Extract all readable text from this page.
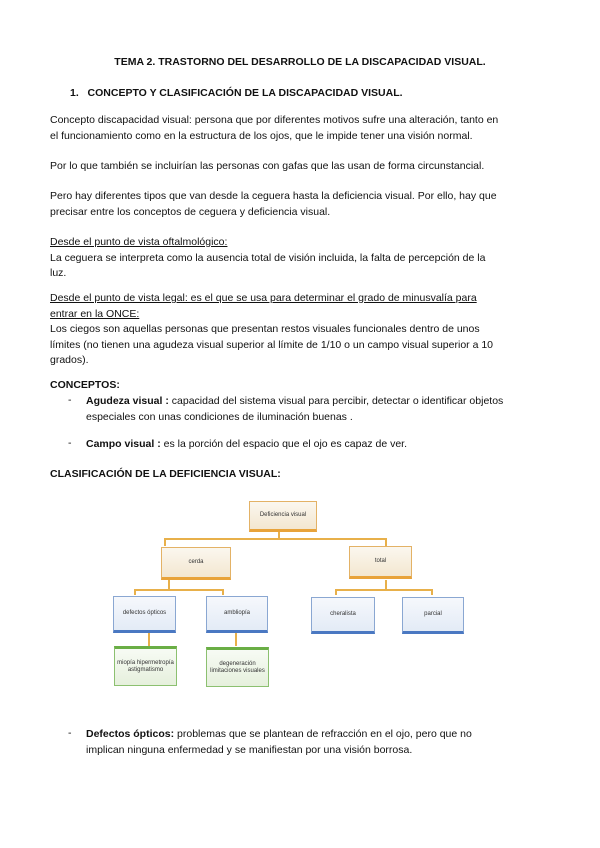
TEMA 2. TRASTORNO DEL DESARROLLO DE LA DISCAPACIDAD VISUAL.
1. CONCEPTO Y CLASIFICACIÓN DE LA DISCAPACIDAD VISUAL.
Concepto discapacidad visual: persona que por diferentes motivos sufre una alteración, tanto en
el funcionamiento como en la estructura de los ojos, que le impide tener una visión normal.
Por lo que también se incluirían las personas con gafas que las usan de forma circunstancial.
Pero hay diferentes tipos que van desde la ceguera hasta la deficiencia visual. Por ello, hay que
precisar entre los conceptos de ceguera y deficiencia visual.
Desde el punto de vista oftalmológico:
La ceguera se interpreta como la ausencia total de visión incluida, la falta de percepción de la
luz.
Desde el punto de vista legal: es el que se usa para determinar el grado de minusvalía para
entrar en la ONCE:
Los ciegos son aquellas personas que presentan restos visuales funcionales dentro de unos
límites (no tienen una agudeza visual superior al límite de 1/10 o un campo visual superior a 10
grados).
CONCEPTOS:
- Agudeza visual : capacidad del sistema visual para percibir, detectar o identificar objetos
especiales con unas condiciones de iluminación buenas .
- Campo visual : es la porción del espacio que el ojo es capaz de ver.
CLASIFICACIÓN DE LA DEFICIENCIA VISUAL:
Deficiencia visual
cerda	total
defectos ópticos	ambliopía	cheralista	parcial
miopía hipermetropía astigmatismo
degeneración limitaciones visuales
- Defectos ópticos: problemas que se plantean de refracción en el ojo, pero que no
implican ninguna enfermedad y se manifiestan por una visión borrosa.
